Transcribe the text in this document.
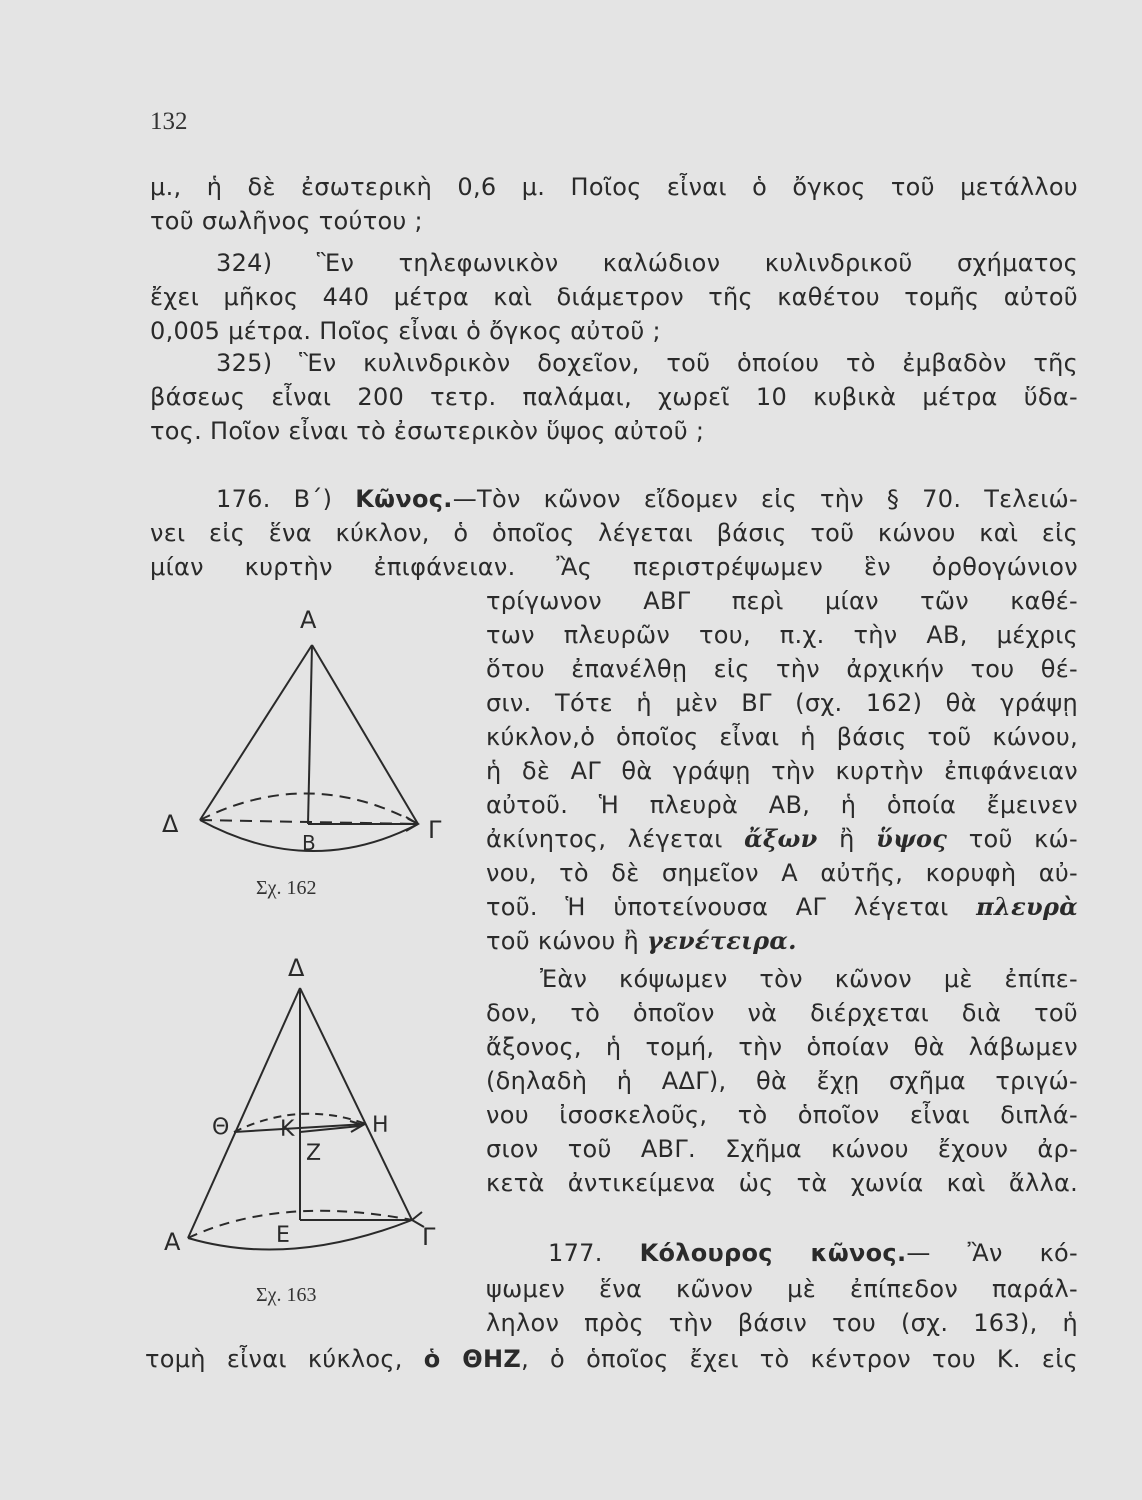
132
μ., ἡ δὲ ἐσωτερικὴ 0,6 μ. Ποῖος εἶναι ὁ ὄγκος τοῦ μετάλλου
τοῦ σωλῆνος τούτου ;
324) Ἓν τηλεφωνικὸν καλώδιον κυλινδρικοῦ σχήματος
ἔχει μῆκος 440 μέτρα καὶ διάμετρον τῆς καθέτου τομῆς αὐτοῦ
0,005 μέτρα. Ποῖος εἶναι ὁ ὄγκος αὐτοῦ ;
325) Ἓν κυλινδρικὸν δοχεῖον, τοῦ ὁποίου τὸ ἐμβαδὸν τῆς
βάσεως εἶναι 200 τετρ. παλάμαι, χωρεῖ 10 κυβικὰ μέτρα ὕδα-
τος. Ποῖον εἶναι τὸ ἐσωτερικὸν ὕψος αὐτοῦ ;
176. Β΄) Κῶνος.—Τὸν κῶνον εἴδομεν εἰς τὴν § 70. Τελειώ-
νει εἰς ἕνα κύκλον, ὁ ὁποῖος λέγεται βάσις τοῦ κώνου καὶ εἰς
μίαν κυρτὴν ἐπιφάνειαν. Ἂς περιστρέψωμεν ἓν ὀρθογώνιον
τρίγωνον ΑΒΓ περὶ μίαν τῶν καθέ-
των πλευρῶν του, π.χ. τὴν ΑΒ, μέχρις
ὅτου ἐπανέλθῃ εἰς τὴν ἀρχικήν του θέ-
σιν. Τότε ἡ μὲν ΒΓ (σχ. 162) θὰ γράψῃ
κύκλον,ὁ ὁποῖος εἶναι ἡ βάσις τοῦ κώνου,
ἡ δὲ ΑΓ θὰ γράψῃ τὴν κυρτὴν ἐπιφάνειαν
αὐτοῦ. Ἡ πλευρὰ ΑΒ, ἡ ὁποία ἔμεινεν
ἀκίνητος, λέγεται ἄξων ἢ ὕψος τοῦ κώ-
νου, τὸ δὲ σημεῖον Α αὐτῆς, κορυφὴ αὐ-
τοῦ. Ἡ ὑποτείνουσα ΑΓ λέγεται πλευρὰ
τοῦ κώνου ἢ γενέτειρα.
Ἐὰν κόψωμεν τὸν κῶνον μὲ ἐπίπε-
δον, τὸ ὁποῖον νὰ διέρχεται διὰ τοῦ
ἄξονος, ἡ τομή, τὴν ὁποίαν θὰ λάβωμεν
(δηλαδὴ ἡ ΑΔΓ), θὰ ἔχῃ σχῆμα τριγώ-
νου ἰσοσκελοῦς, τὸ ὁποῖον εἶναι διπλά-
σιον τοῦ ΑΒΓ. Σχῆμα κώνου ἔχουν ἀρ-
κετὰ ἀντικείμενα ὡς τὰ χωνία καὶ ἄλλα.
177. Κόλουρος κῶνος.— Ἂν κό-
ψωμεν ἕνα κῶνον μὲ ἐπίπεδον παράλ-
ληλον πρὸς τὴν βάσιν του (σχ. 163), ἡ
τομὴ εἶναι κύκλος, ὁ ΘΗΖ, ὁ ὁποῖος ἔχει τὸ κέντρον του Κ. εἰς
Α
Δ
Β	Γ
Σχ. 162
Δ
Θ Κ	Η
Ζ
Α	Ε	Γ
Σχ. 163
